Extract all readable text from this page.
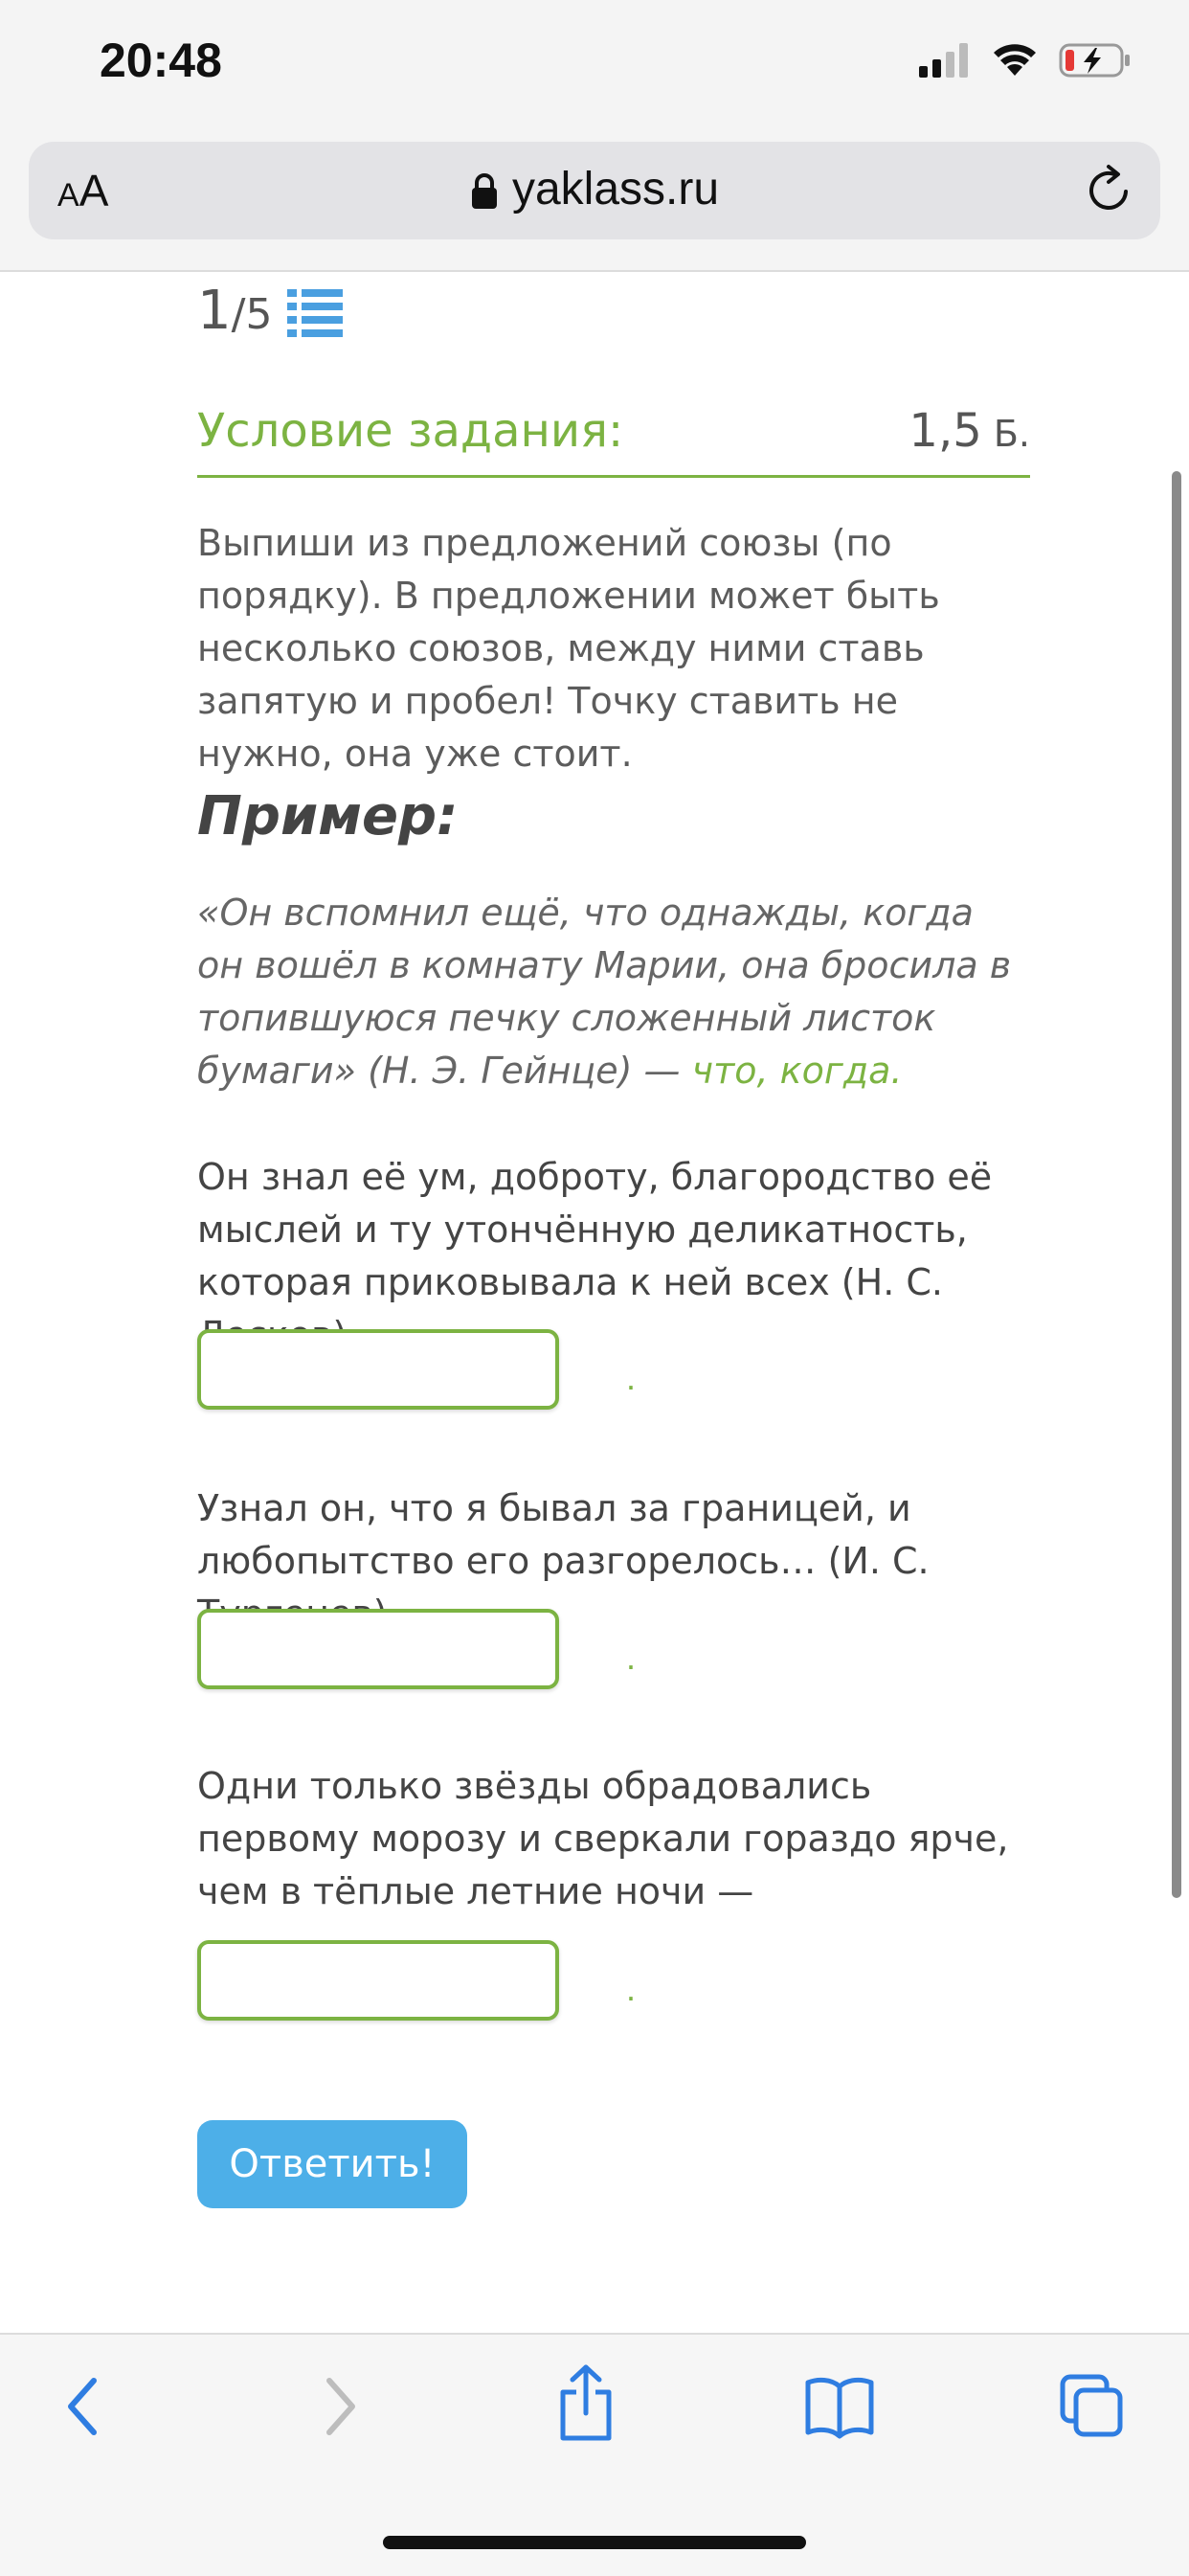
20:48
AA	yaklass.ru
1/5
Условие задания:	1,5 Б.
Выпиши из предложений союзы (по порядку). В предложении может быть несколько союзов, между ними ставь запятую и пробел! Точку ставить не нужно, она уже стоит.
Пример:
«Он вспомнил ещё, что однажды, когда он вошёл в комнату Марии, она бросила в топившуюся печку сложенный листок бумаги» (Н. Э. Гейнце) — что, когда.
Он знал её ум, доброту, благородство её мыслей и ту утончённую деликатность, которая приковывала к ней всех (Н. С.
.
Узнал он, что я бывал за границей, и любопытство его разгорелось… (И. С.
.
Одни только звёзды обрадовались первому морозу и сверкали гораздо ярче, чем в тёплые летние ночи —
.
Ответить!
